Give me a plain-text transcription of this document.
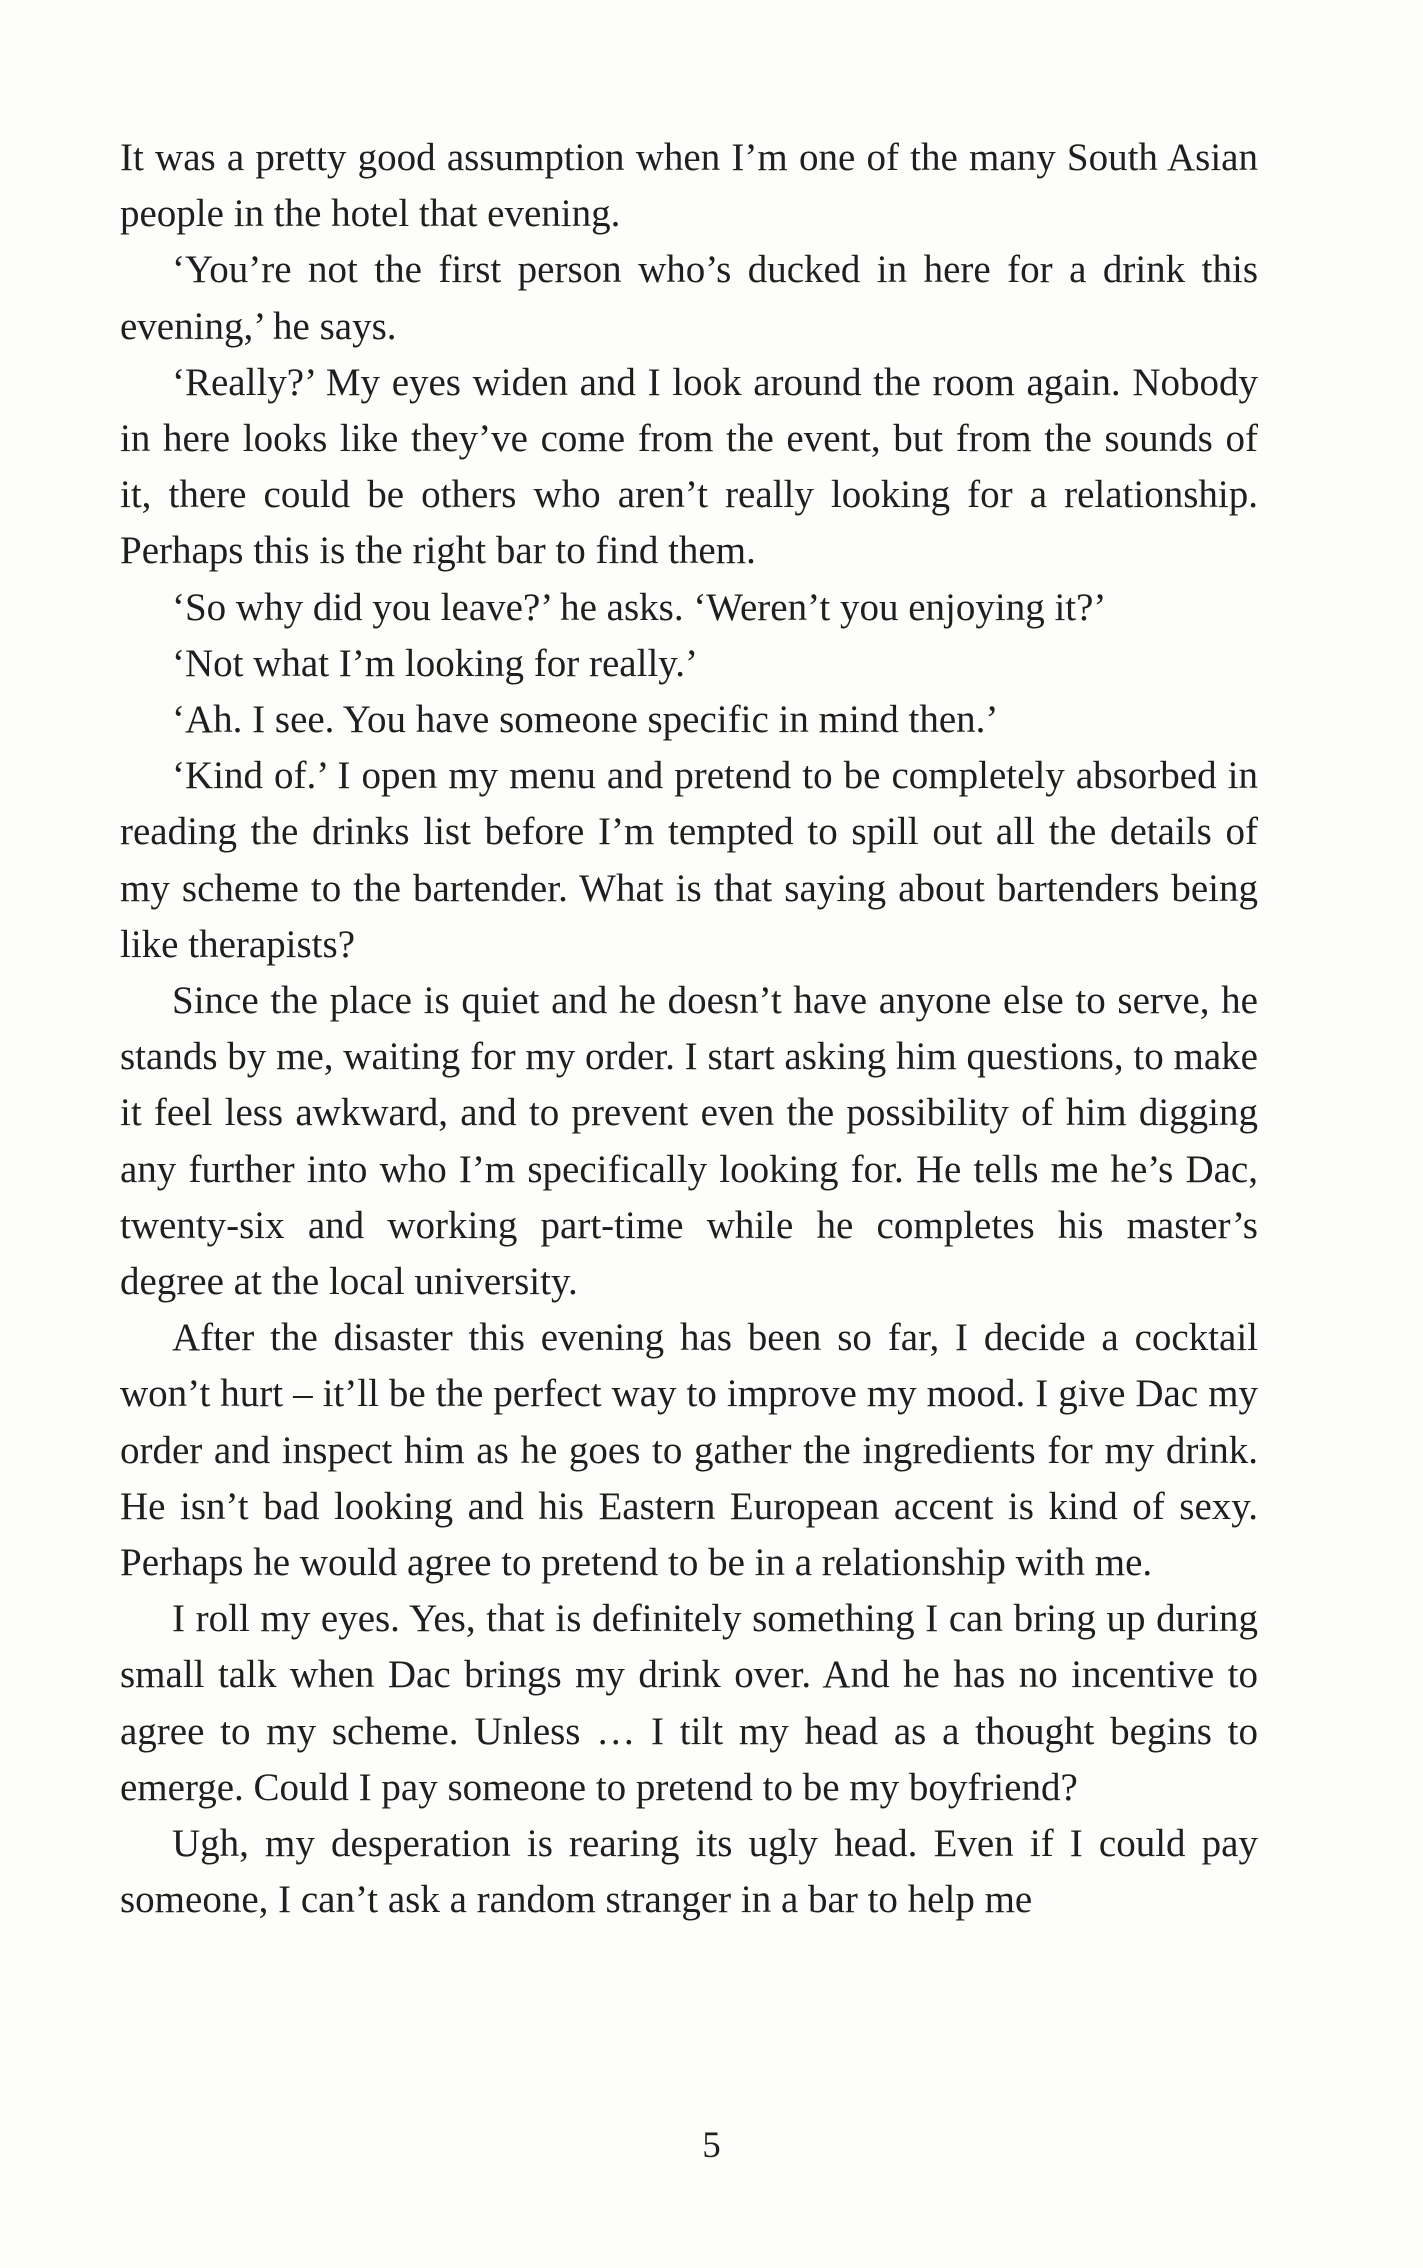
It was a pretty good assumption when I’m one of the many South Asian people in the hotel that evening.

‘You’re not the first person who’s ducked in here for a drink this evening,’ he says.

‘Really?’ My eyes widen and I look around the room again. Nobody in here looks like they’ve come from the event, but from the sounds of it, there could be others who aren’t really looking for a relationship. Perhaps this is the right bar to find them.

‘So why did you leave?’ he asks. ‘Weren’t you enjoying it?’

‘Not what I’m looking for really.’

‘Ah. I see. You have someone specific in mind then.’

‘Kind of.’ I open my menu and pretend to be completely absorbed in reading the drinks list before I’m tempted to spill out all the details of my scheme to the bartender. What is that saying about bartenders being like therapists?

Since the place is quiet and he doesn’t have anyone else to serve, he stands by me, waiting for my order. I start asking him questions, to make it feel less awkward, and to prevent even the possibility of him digging any further into who I’m specifically looking for. He tells me he’s Dac, twenty-six and working part-time while he completes his master’s degree at the local university.

After the disaster this evening has been so far, I decide a cocktail won’t hurt – it’ll be the perfect way to improve my mood. I give Dac my order and inspect him as he goes to gather the ingredients for my drink. He isn’t bad looking and his Eastern European accent is kind of sexy. Perhaps he would agree to pretend to be in a relationship with me.

I roll my eyes. Yes, that is definitely something I can bring up during small talk when Dac brings my drink over. And he has no incentive to agree to my scheme. Unless … I tilt my head as a thought begins to emerge. Could I pay someone to pretend to be my boyfriend?

Ugh, my desperation is rearing its ugly head. Even if I could pay someone, I can’t ask a random stranger in a bar to help me

5
